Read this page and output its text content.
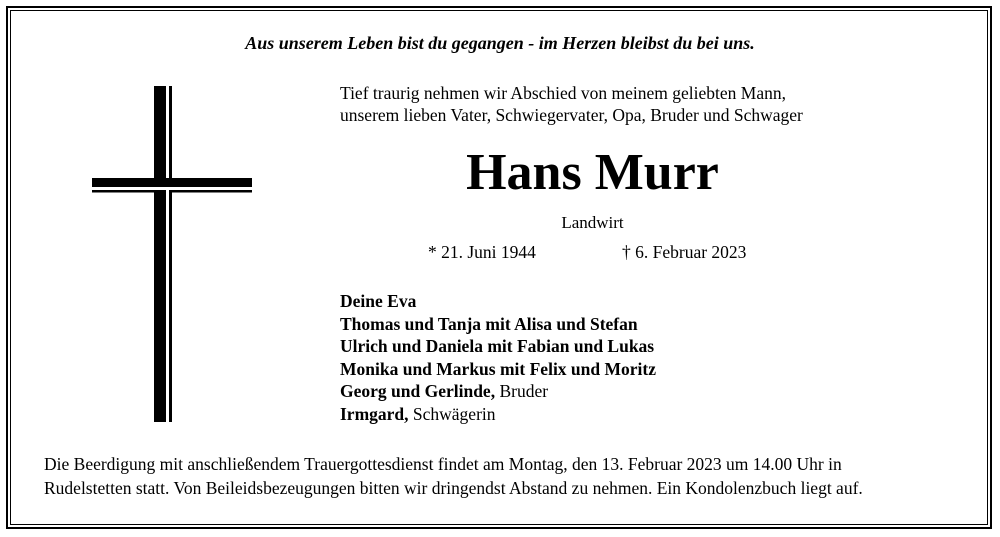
Aus unserem Leben bist du gegangen - im Herzen bleibst du bei uns.
Tief traurig nehmen wir Abschied von meinem geliebten Mann,
unserem lieben Vater, Schwiegervater, Opa, Bruder und Schwager
Hans Murr
Landwirt
* 21. Juni 1944	† 6. Februar 2023
Deine Eva
Thomas und Tanja mit Alisa und Stefan
Ulrich und Daniela mit Fabian und Lukas
Monika und Markus mit Felix und Moritz
Georg und Gerlinde, Bruder
Irmgard, Schwägerin
Die Beerdigung mit anschließendem Trauergottesdienst findet am Montag, den 13. Februar 2023 um 14.00 Uhr in
Rudelstetten statt. Von Beileidsbezeugungen bitten wir dringendst Abstand zu nehmen. Ein Kondolenzbuch liegt auf.
